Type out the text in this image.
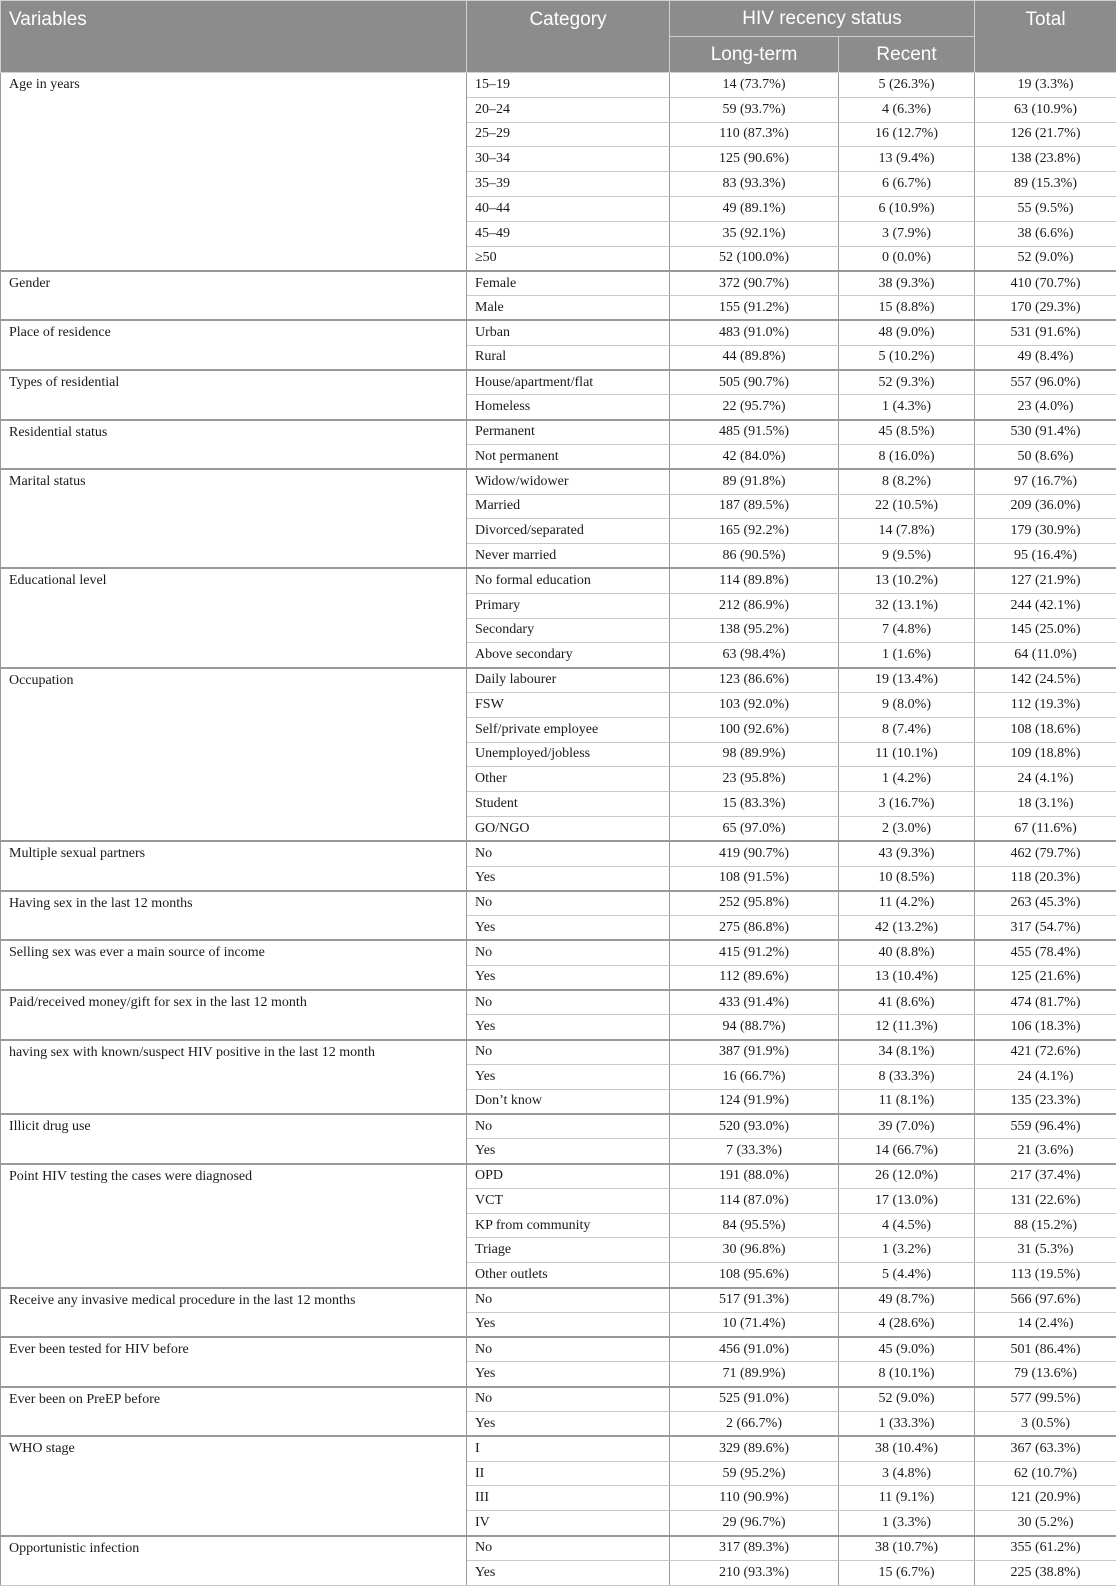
Variables	Category	HIV recency status		Total
		Long-term	Recent	
Age in years	15–19	14 (73.7%)	5 (26.3%)	19 (3.3%)
	20–24	59 (93.7%)	4 (6.3%)	63 (10.9%)
	25–29	110 (87.3%)	16 (12.7%)	126 (21.7%)
	30–34	125 (90.6%)	13 (9.4%)	138 (23.8%)
	35–39	83 (93.3%)	6 (6.7%)	89 (15.3%)
	40–44	49 (89.1%)	6 (10.9%)	55 (9.5%)
	45–49	35 (92.1%)	3 (7.9%)	38 (6.6%)
	≥50	52 (100.0%)	0 (0.0%)	52 (9.0%)
Gender	Female	372 (90.7%)	38 (9.3%)	410 (70.7%)
	Male	155 (91.2%)	15 (8.8%)	170 (29.3%)
Place of residence	Urban	483 (91.0%)	48 (9.0%)	531 (91.6%)
	Rural	44 (89.8%)	5 (10.2%)	49 (8.4%)
Types of residential	House/apartment/flat	505 (90.7%)	52 (9.3%)	557 (96.0%)
	Homeless	22 (95.7%)	1 (4.3%)	23 (4.0%)
Residential status	Permanent	485 (91.5%)	45 (8.5%)	530 (91.4%)
	Not permanent	42 (84.0%)	8 (16.0%)	50 (8.6%)
Marital status	Widow/widower	89 (91.8%)	8 (8.2%)	97 (16.7%)
	Married	187 (89.5%)	22 (10.5%)	209 (36.0%)
	Divorced/separated	165 (92.2%)	14 (7.8%)	179 (30.9%)
	Never married	86 (90.5%)	9 (9.5%)	95 (16.4%)
Educational level	No formal education	114 (89.8%)	13 (10.2%)	127 (21.9%)
	Primary	212 (86.9%)	32 (13.1%)	244 (42.1%)
	Secondary	138 (95.2%)	7 (4.8%)	145 (25.0%)
	Above secondary	63 (98.4%)	1 (1.6%)	64 (11.0%)
Occupation	Daily labourer	123 (86.6%)	19 (13.4%)	142 (24.5%)
	FSW	103 (92.0%)	9 (8.0%)	112 (19.3%)
	Self/private employee	100 (92.6%)	8 (7.4%)	108 (18.6%)
	Unemployed/jobless	98 (89.9%)	11 (10.1%)	109 (18.8%)
	Other	23 (95.8%)	1 (4.2%)	24 (4.1%)
	Student	15 (83.3%)	3 (16.7%)	18 (3.1%)
	GO/NGO	65 (97.0%)	2 (3.0%)	67 (11.6%)
Multiple sexual partners	No	419 (90.7%)	43 (9.3%)	462 (79.7%)
	Yes	108 (91.5%)	10 (8.5%)	118 (20.3%)
Having sex in the last 12 months	No	252 (95.8%)	11 (4.2%)	263 (45.3%)
	Yes	275 (86.8%)	42 (13.2%)	317 (54.7%)
Selling sex was ever a main source of income	No	415 (91.2%)	40 (8.8%)	455 (78.4%)
	Yes	112 (89.6%)	13 (10.4%)	125 (21.6%)
Paid/received money/gift for sex in the last 12 month	No	433 (91.4%)	41 (8.6%)	474 (81.7%)
	Yes	94 (88.7%)	12 (11.3%)	106 (18.3%)
having sex with known/suspect HIV positive in the last 12 month	No	387 (91.9%)	34 (8.1%)	421 (72.6%)
	Yes	16 (66.7%)	8 (33.3%)	24 (4.1%)
	Don’t know	124 (91.9%)	11 (8.1%)	135 (23.3%)
Illicit drug use	No	520 (93.0%)	39 (7.0%)	559 (96.4%)
	Yes	7 (33.3%)	14 (66.7%)	21 (3.6%)
Point HIV testing the cases were diagnosed	OPD	191 (88.0%)	26 (12.0%)	217 (37.4%)
	VCT	114 (87.0%)	17 (13.0%)	131 (22.6%)
	KP from community	84 (95.5%)	4 (4.5%)	88 (15.2%)
	Triage	30 (96.8%)	1 (3.2%)	31 (5.3%)
	Other outlets	108 (95.6%)	5 (4.4%)	113 (19.5%)
Receive any invasive medical procedure in the last 12 months	No	517 (91.3%)	49 (8.7%)	566 (97.6%)
	Yes	10 (71.4%)	4 (28.6%)	14 (2.4%)
Ever been tested for HIV before	No	456 (91.0%)	45 (9.0%)	501 (86.4%)
	Yes	71 (89.9%)	8 (10.1%)	79 (13.6%)
Ever been on PreEP before	No	525 (91.0%)	52 (9.0%)	577 (99.5%)
	Yes	2 (66.7%)	1 (33.3%)	3 (0.5%)
WHO stage	I	329 (89.6%)	38 (10.4%)	367 (63.3%)
	II	59 (95.2%)	3 (4.8%)	62 (10.7%)
	III	110 (90.9%)	11 (9.1%)	121 (20.9%)
	IV	29 (96.7%)	1 (3.3%)	30 (5.2%)
Opportunistic infection	No	317 (89.3%)	38 (10.7%)	355 (61.2%)
	Yes	210 (93.3%)	15 (6.7%)	225 (38.8%)
